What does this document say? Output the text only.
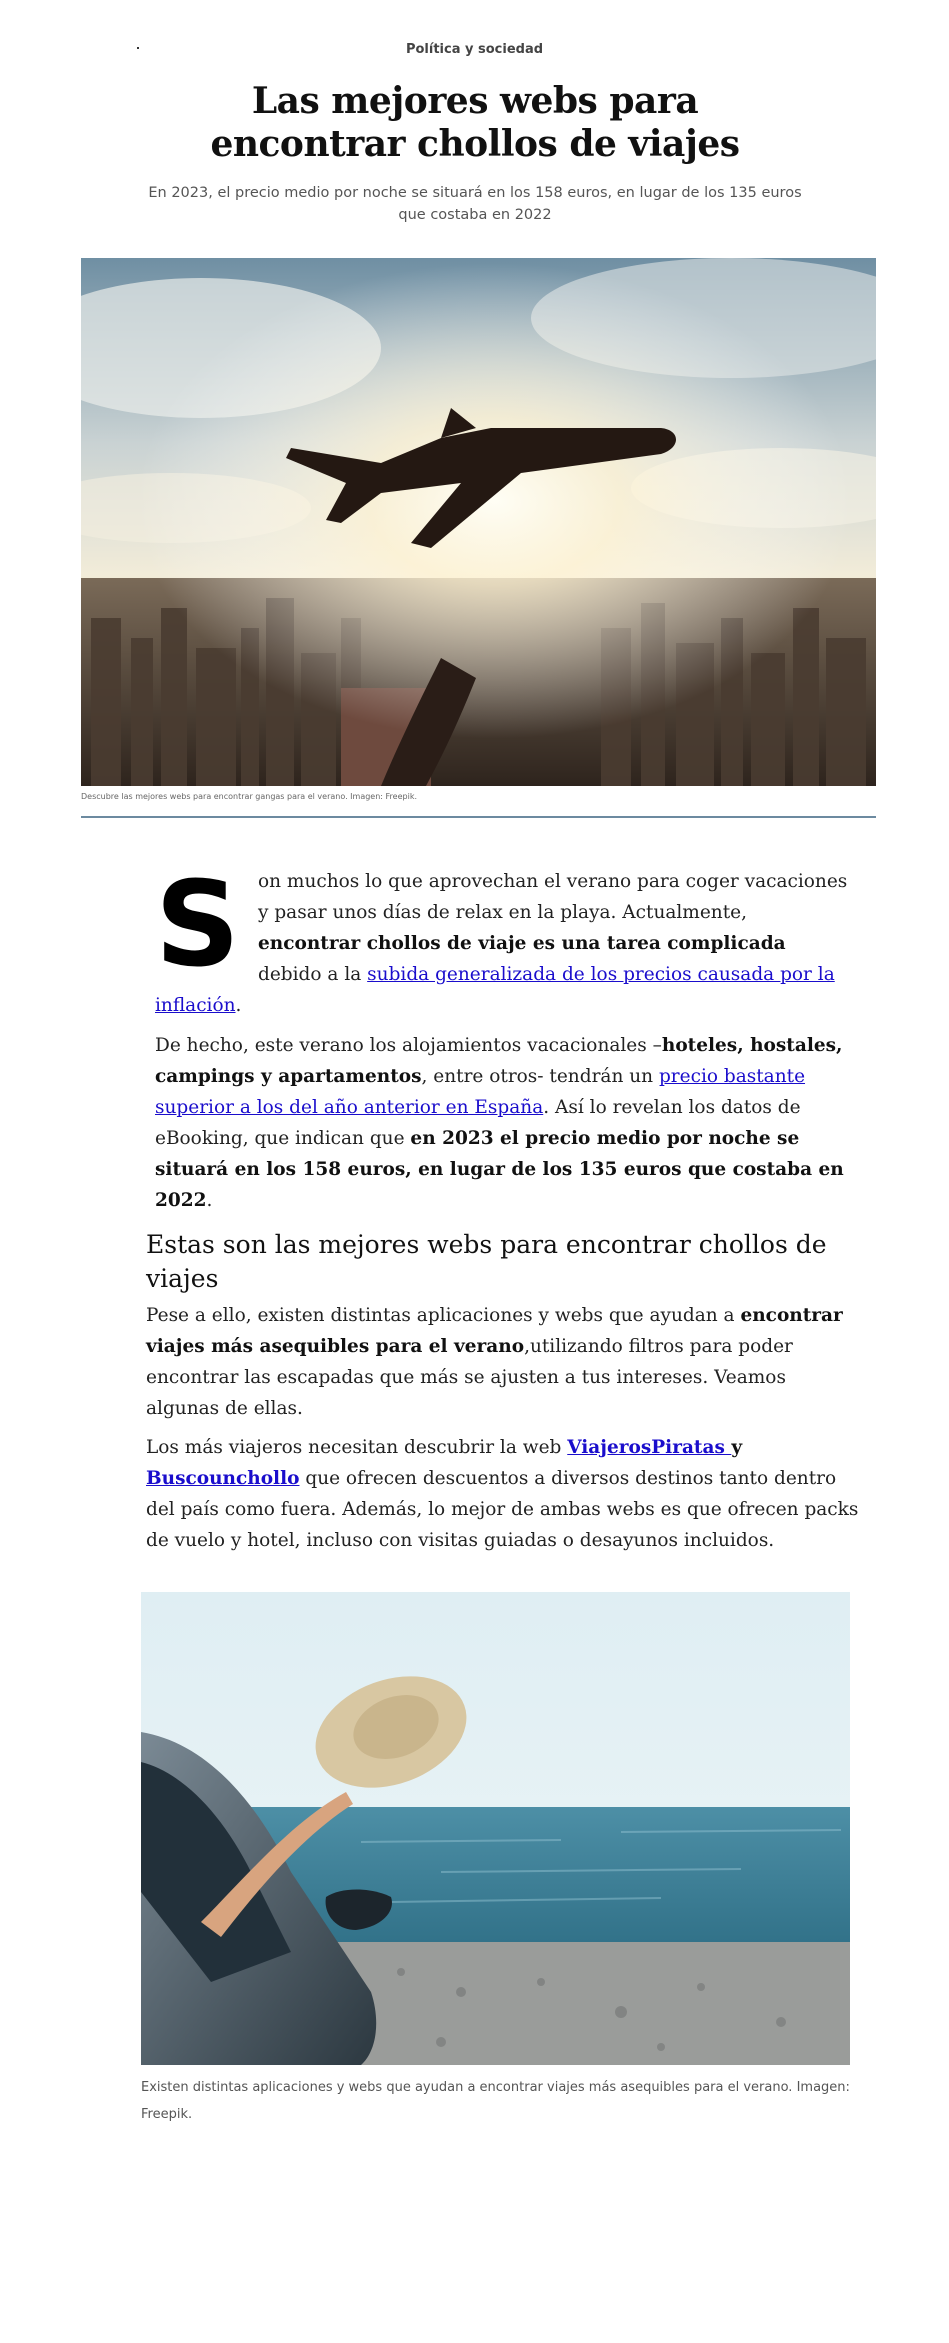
Política y sociedad
Las mejores webs para encontrar chollos de viajes

En 2023, el precio medio por noche se situará en los 158 euros, en lugar de los 135 euros que costaba en 2022

Descubre las mejores webs para encontrar gangas para el verano. Imagen: Freepik.

Son muchos lo que aprovechan el verano para coger vacaciones y pasar unos días de relax en la playa. Actualmente, encontrar chollos de viaje es una tarea complicada debido a la subida generalizada de los precios causada por la inflación.

De hecho, este verano los alojamientos vacacionales –hoteles, hostales, campings y apartamentos, entre otros- tendrán un precio bastante superior a los del año anterior en España. Así lo revelan los datos de eBooking, que indican que en 2023 el precio medio por noche se situará en los 158 euros, en lugar de los 135 euros que costaba en 2022.

Estas son las mejores webs para encontrar chollos de viajes

Pese a ello, existen distintas aplicaciones y webs que ayudan a encontrar viajes más asequibles para el verano,utilizando filtros para poder encontrar las escapadas que más se ajusten a tus intereses. Veamos algunas de ellas.

Los más viajeros necesitan descubrir la web ViajerosPiratas y Buscounchollo que ofrecen descuentos a diversos destinos tanto dentro del país como fuera. Además, lo mejor de ambas webs es que ofrecen packs de vuelo y hotel, incluso con visitas guiadas o desayunos incluidos.

Existen distintas aplicaciones y webs que ayudan a encontrar viajes más asequibles para el verano. Imagen: Freepik.
